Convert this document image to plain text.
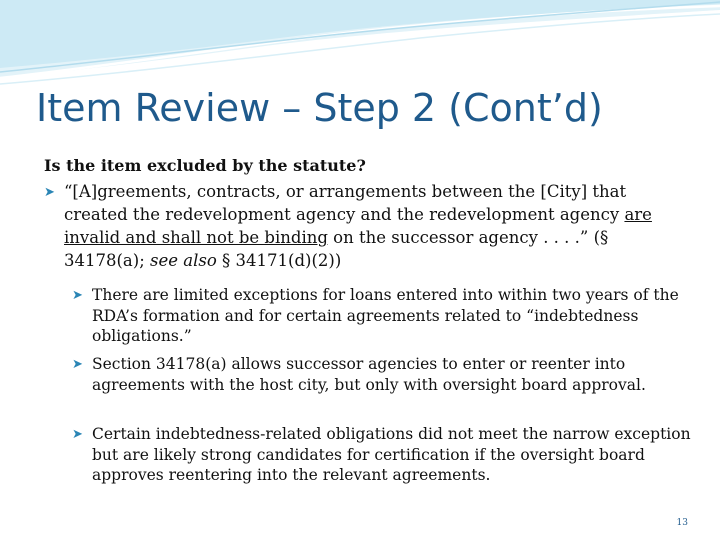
Item Review – Step 2 (Cont’d)
Is the item excluded by the statute?
➤ “[A]greements, contracts, or arrangements between the [City] that created the redevelopment agency and the redevelopment agency are invalid and shall not be binding on the successor agency . . . .” (§ 34178(a); see also § 34171(d)(2))
➤ There are limited exceptions for loans entered into within two years of the RDA’s formation and for certain agreements related to “indebtedness obligations.”
➤ Section 34178(a) allows successor agencies to enter or reenter into agreements with the host city, but only with oversight board approval.
➤ Certain indebtedness-related obligations did not meet the narrow exception but are likely strong candidates for certification if the oversight board approves reentering into the relevant agreements.
13
